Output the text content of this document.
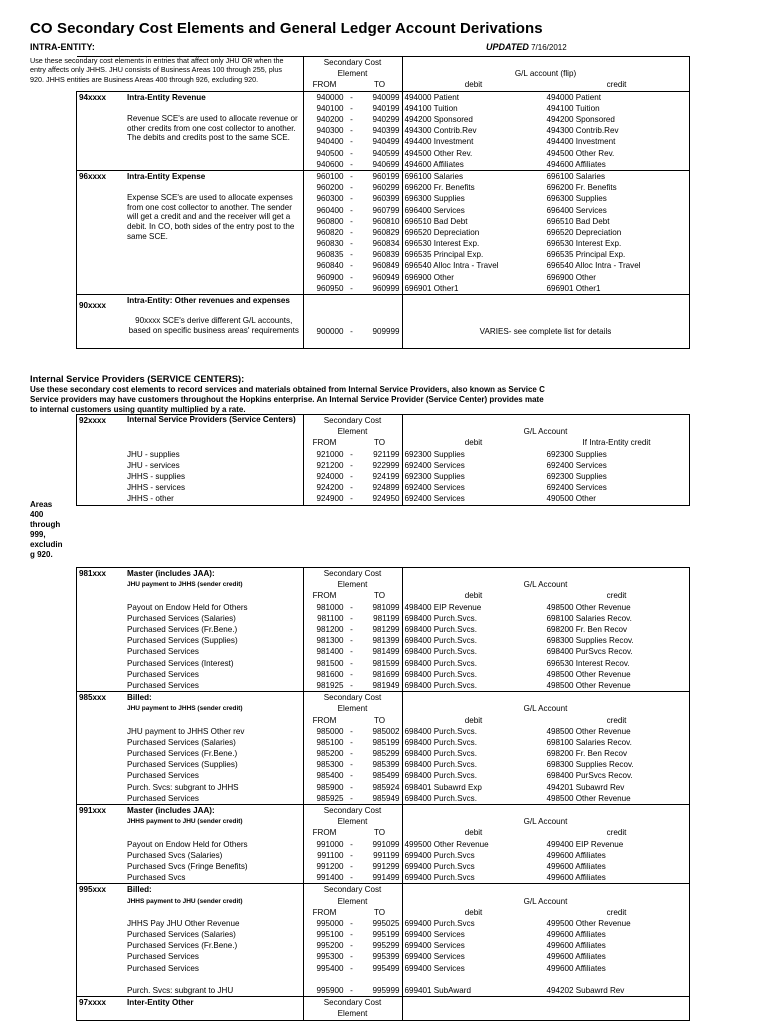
CO Secondary Cost Elements and General Ledger Account Derivations
INTRA-ENTITY:	UPDATED 7/16/2012
Use these secondary cost elements in entries that affect only JHU OR when the entry affects only JHHS. JHU consists of Business Areas 100 through 255, plus 920. JHHS entities are Business Areas 400 through 926, excluding 920.
		Secondary Cost				
		Element			G/L account (flip)	
		FROM		TO	debit	credit
94xxxx	Intra-Entity Revenue	940000	-	940099	494000 Patient	494000 Patient
		940100	-	940199	494100 Tuition	494100 Tuition
	Revenue SCE's are used to allocate revenue or other credits from one cost collector to another. The debits and credits post to the same SCE.	940200	-	940299	494200 Sponsored	494200 Sponsored
		940300	-	940399	494300 Contrib.Rev	494300 Contrib.Rev
		940400	-	940499	494400 Investment	494400 Investment
		940500	-	940599	494500 Other Rev.	494500 Other Rev.
		940600	-	940699	494600 Affiliates	494600 Affiliates
96xxxx	Intra-Entity Expense	960100	-	960199	696100 Salaries	696100 Salaries
		960200	-	960299	696200 Fr. Benefits	696200 Fr. Benefits
	Expense SCE's are used to allocate expenses from one cost collector to another. The sender will get a credit and and the receiver will get a debit. In CO, both sides of the entry post to the same SCE.	960300	-	960399	696300 Supplies	696300 Supplies
		960400	-	960799	696400 Services	696400 Services
		960800	-	960810	696510 Bad Debt	696510 Bad Debt
		960820	-	960829	696520 Depreciation	696520 Depreciation
		960830	-	960834	696530 Interest Exp.	696530 Interest Exp.
		960835	-	960839	696535 Principal Exp.	696535 Principal Exp.
		960840	-	960849	696540 Alloc Intra - Travel	696540 Alloc Intra - Travel
		960900	-	960949	696900 Other	696900 Other
		960950	-	960999	696901 Other1	696901 Other1
90xxxx	Intra-Entity: Other revenues and expenses					
	90xxxx SCE's derive different G/L accounts, based on specific business areas' requirements	900000	-	909999	VARIES- see complete list for details	
Internal Service Providers (SERVICE CENTERS):
Use these secondary cost elements to record services and materials obtained from Internal Service Providers, also known as Service C
Service providers may have customers throughout the Hopkins enterprise. An Internal Service Provider (Service Center) provides mate
to internal customers using quantity multiplied by a rate.
Areas
400
through
999,
excludin
g 920.
92xxxx	Internal Service Providers (Service Centers)	Secondary Cost				
		Element			G/L Account	
		FROM		TO	debit	If Intra-Entity credit
	JHU - supplies	921000	-	921199	692300 Supplies	692300 Supplies
	JHU - services	921200	-	922999	692400 Services	692400 Services
	JHHS - supplies	924000	-	924199	692300 Supplies	692300 Supplies
	JHHS - services	924200	-	924899	692400 Services	692400 Services
	JHHS - other	924900	-	924950	692400 Services	490500 Other
981xxx	Master (includes JAA):	Secondary Cost				
	JHU payment to JHHS (sender credit)	Element			G/L Account	
		FROM		TO	debit	credit
	Payout on Endow Held for Others	981000	-	981099	498400 EIP Revenue	498500 Other Revenue
	Purchased Services (Salaries)	981100	-	981199	698400 Purch.Svcs.	698100 Salaries Recov.
	Purchased Services (Fr.Bene.)	981200	-	981299	698400 Purch.Svcs.	698200 Fr. Ben Recov
	Purchased Services (Supplies)	981300	-	981399	698400 Purch.Svcs.	698300 Supplies Recov.
	Purchased Services	981400	-	981499	698400 Purch.Svcs.	698400 PurSvcs Recov.
	Purchased Services (Interest)	981500	-	981599	698400 Purch.Svcs.	696530 Interest Recov.
	Purchased Services	981600	-	981699	698400 Purch.Svcs.	498500 Other Revenue
	Purchased Services	981925	-	981949	698400 Purch.Svcs.	498500 Other Revenue
985xxx	Billed:	Secondary Cost				
	JHU payment to JHHS (sender credit)	Element			G/L Account	
		FROM		TO	debit	credit
	JHU payment to JHHS Other rev	985000	-	985002	698400 Purch.Svcs.	498500 Other Revenue
	Purchased Services (Salaries)	985100	-	985199	698400 Purch.Svcs.	698100 Salaries Recov.
	Purchased Services (Fr.Bene.)	985200	-	985299	698400 Purch.Svcs.	698200 Fr. Ben Recov
	Purchased Services (Supplies)	985300	-	985399	698400 Purch.Svcs.	698300 Supplies Recov.
	Purchased Services	985400	-	985499	698400 Purch.Svcs.	698400 PurSvcs Recov.
	Purch. Svcs: subgrant to JHHS	985900	-	985924	698401 Subawrd Exp	494201 Subawrd Rev
	Purchased Services	985925	-	985949	698400 Purch.Svcs.	498500 Other Revenue
991xxx	Master (includes JAA):	Secondary Cost				
	JHHS payment to JHU (sender credit)	Element			G/L Account	
		FROM		TO	debit	credit
	Payout on Endow Held for Others	991000	-	991099	499500 Other Revenue	499400 EIP Revenue
	Purchased Svcs (Salaries)	991100	-	991199	699400 Purch.Svcs	499600 Affiliates
	Purchased Svcs (Fringe Benefits)	991200	-	991299	699400 Purch.Svcs	499600 Affiliates
	Purchased Svcs	991400	-	991499	699400 Purch.Svcs	499600 Affiliates
995xxx	Billed:	Secondary Cost				
	JHHS payment to JHU (sender credit)	Element			G/L Account	
		FROM		TO	debit	credit
	JHHS Pay JHU Other Revenue	995000	-	995025	699400 Purch.Svcs	499500 Other Revenue
	Purchased Services (Salaries)	995100	-	995199	699400 Services	499600 Affiliates
	Purchased Services (Fr.Bene.)	995200	-	995299	699400 Services	499600 Affiliates
	Purchased Services	995300	-	995399	699400 Services	499600 Affiliates
	Purchased Services	995400	-	995499	699400 Services	499600 Affiliates

	Purch. Svcs: subgrant to JHU	995900	-	995999	699401 SubAward	494202 Subawrd Rev
97xxxx	Inter-Entity Other	Secondary Cost				
		Element				
